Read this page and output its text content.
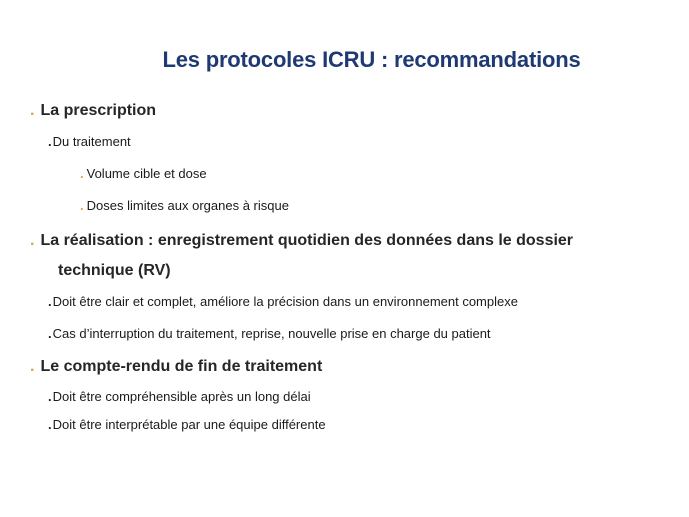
Les protocoles ICRU : recommandations
. La prescription
.Du traitement
. Volume cible et dose
. Doses limites aux organes à risque
. La réalisation : enregistrement quotidien des données dans le dossier
technique (RV)
.Doit être clair et complet, améliore la précision dans un environnement complexe
.Cas d’interruption du traitement, reprise, nouvelle prise en charge du patient
. Le compte-rendu de fin de traitement
.Doit être compréhensible après un long délai
.Doit être interprétable par une équipe différente
